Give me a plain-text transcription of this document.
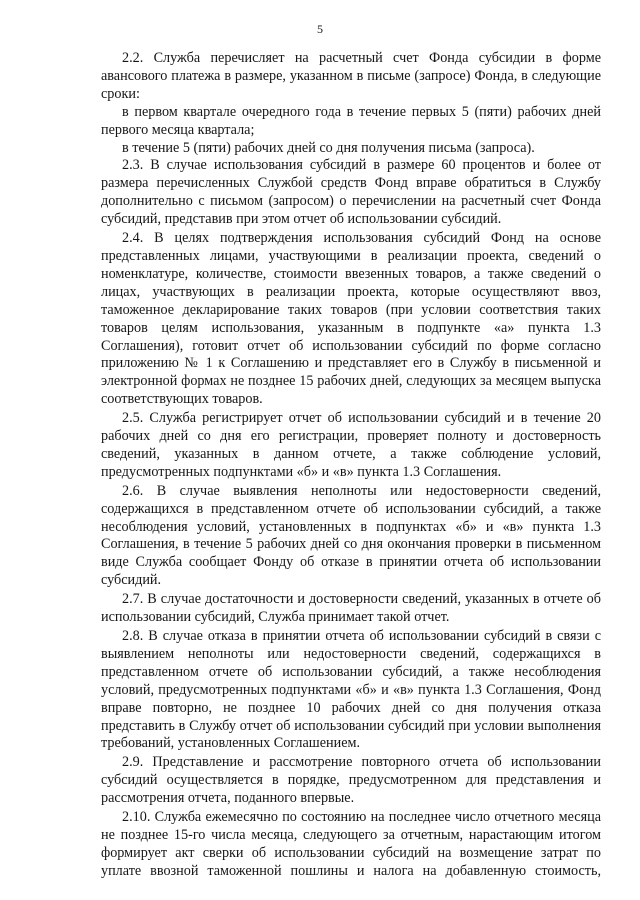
5

2.2. Служба перечисляет на расчетный счет Фонда субсидии в форме авансового платежа в размере, указанном в письме (запросе) Фонда, в следующие сроки:

в первом квартале очередного года в течение первых 5 (пяти) рабочих дней первого месяца квартала;

в течение 5 (пяти) рабочих дней со дня получения письма (запроса).

2.3. В случае использования субсидий в размере 60 процентов и более от размера перечисленных Службой средств Фонд вправе обратиться в Службу дополнительно с письмом (запросом) о перечислении на расчетный счет Фонда субсидий, представив при этом отчет об использовании субсидий.

2.4. В целях подтверждения использования субсидий Фонд на основе представленных лицами, участвующими в реализации проекта, сведений о номенклатуре, количестве, стоимости ввезенных товаров, а также сведений о лицах, участвующих в реализации проекта, которые осуществляют ввоз, таможенное декларирование таких товаров (при условии соответствия таких товаров целям использования, указанным в подпункте «а» пункта 1.3 Соглашения), готовит отчет об использовании субсидий по форме согласно приложению № 1 к Соглашению и представляет его в Службу в письменной и электронной формах не позднее 15 рабочих дней, следующих за месяцем выпуска соответствующих товаров.

2.5. Служба регистрирует отчет об использовании субсидий и в течение 20 рабочих дней со дня его регистрации, проверяет полноту и достоверность сведений, указанных в данном отчете, а также соблюдение условий, предусмотренных подпунктами «б» и «в» пункта 1.3 Соглашения.

2.6. В случае выявления неполноты или недостоверности сведений, содержащихся в представленном отчете об использовании субсидий, а также несоблюдения условий, установленных в подпунктах «б» и «в» пункта 1.3 Соглашения, в течение 5 рабочих дней со дня окончания проверки в письменном виде Служба сообщает Фонду об отказе в принятии отчета об использовании субсидий.

2.7. В случае достаточности и достоверности сведений, указанных в отчете об использовании субсидий, Служба принимает такой отчет.

2.8. В случае отказа в принятии отчета об использовании субсидий в связи с выявлением неполноты или недостоверности сведений, содержащихся в представленном отчете об использовании субсидий, а также несоблюдения условий, предусмотренных подпунктами «б» и «в» пункта 1.3 Соглашения, Фонд вправе повторно, не позднее 10 рабочих дней со дня получения отказа представить в Службу отчет об использовании субсидий при условии выполнения требований, установленных Соглашением.

2.9. Представление и рассмотрение повторного отчета об использовании субсидий осуществляется в порядке, предусмотренном для представления и рассмотрения отчета, поданного впервые.

2.10. Служба ежемесячно по состоянию на последнее число отчетного месяца не позднее 15-го числа месяца, следующего за отчетным, нарастающим итогом формирует акт сверки об использовании субсидий на возмещение затрат по уплате ввозной таможенной пошлины и налога на добавленную стоимость,
